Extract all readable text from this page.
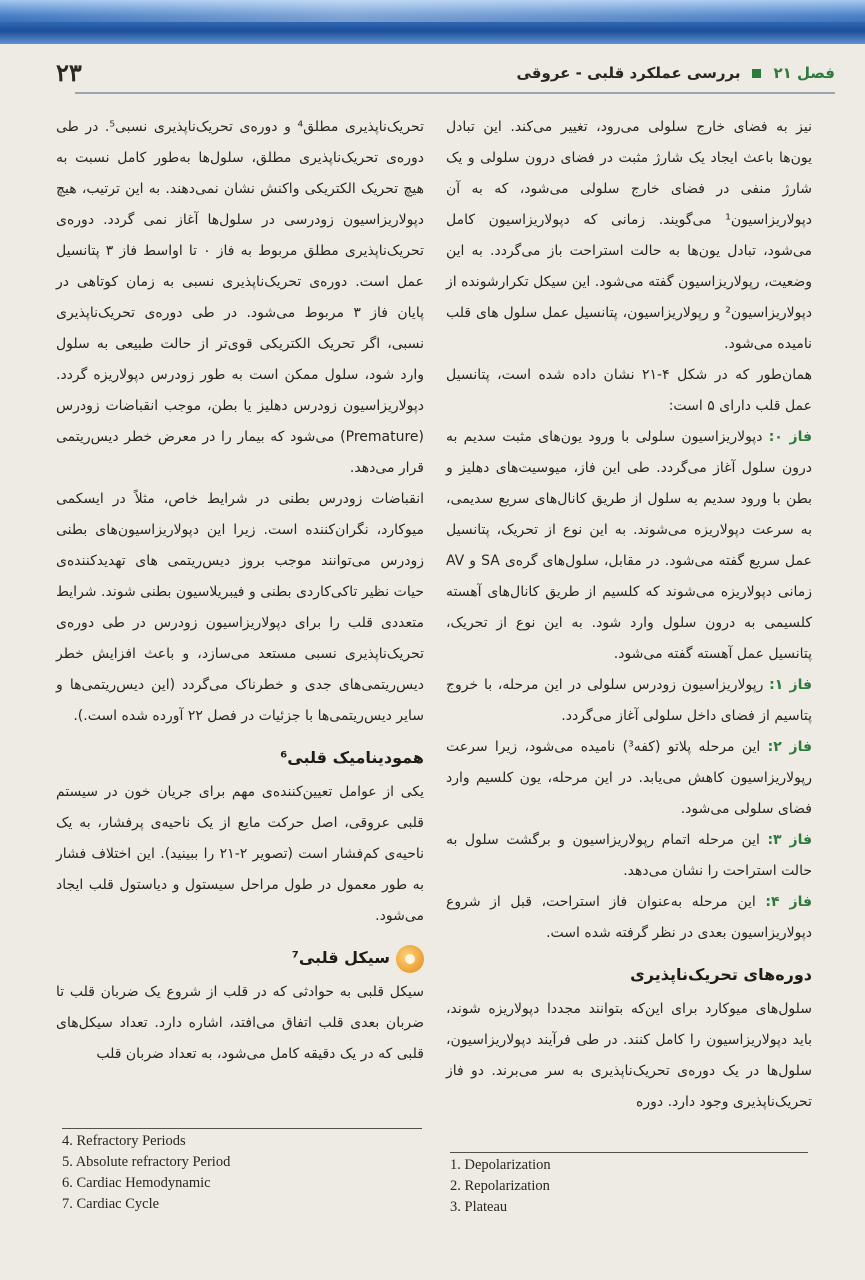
۲۳	فصل ۲۱بررسی عملکرد قلبی - عروقی

نیز به فضای خارج سلولی می‌رود، تغییر می‌کند. این تبادل یون‌ها باعث ایجاد یک شارژ مثبت در فضای درون سلولی و یک شارژ منفی در فضای خارج سلولی می‌شود، که به آن دپولاریزاسیون¹ می‌گویند. زمانی که دپولاریزاسیون کامل می‌شود، تبادل یون‌ها به حالت استراحت باز می‌گردد. به این وضعیت، رپولاریزاسیون گفته می‌شود. این سیکل تکرارشونده از دپولاریزاسیون² و رپولاریزاسیون، پتانسیل عمل سلول های قلب نامیده می‌شود.

همان‌طور که در شکل ۴-۲۱ نشان داده شده است، پتانسیل عمل قلب دارای ۵ است:

فاز ۰: دپولاریزاسیون سلولی با ورود یون‌های مثبت سدیم به درون سلول آغاز می‌گردد. طی این فاز، میوسیت‌های دهلیز و بطن با ورود سدیم به سلول از طریق کانال‌های سریع سدیمی، به سرعت دپولاریزه می‌شوند. به این نوع از تحریک، پتانسیل عمل سریع گفته می‌شود. در مقابل، سلول‌های گره‌ی SA و AV زمانی دپولاریزه می‌شوند که کلسیم از طریق کانال‌های آهسته کلسیمی به درون سلول وارد شود. به این نوع از تحریک، پتانسیل عمل آهسته گفته می‌شود.

فاز ۱: رپولاریزاسیون زودرس سلولی در این مرحله، با خروج پتاسیم از فضای داخل سلولی آغاز می‌گردد.

فاز ۲: این مرحله پلاتو (کفه³) نامیده می‌شود، زیرا سرعت رپولاریزاسیون کاهش می‌یابد. در این مرحله، یون کلسیم وارد فضای سلولی می‌شود.

فاز ۳: این مرحله اتمام رپولاریزاسیون و برگشت سلول به حالت استراحت را نشان می‌دهد.

فاز ۴: این مرحله به‌عنوان فاز استراحت، قبل از شروع دپولاریزاسیون بعدی در نظر گرفته شده است.

دوره‌های تحریک‌ناپذیری

سلول‌های میوکارد برای این‌که بتوانند مجددا دپولاریزه شوند، باید دپولاریزاسیون را کامل کنند. در طی فرآیند دپولاریزاسیون، سلول‌ها در یک دوره‌ی تحریک‌ناپذیری به سر می‌برند. دو فاز تحریک‌ناپذیری وجود دارد. دوره

تحریک‌ناپذیری مطلق⁴ و دوره‌ی تحریک‌ناپذیری نسبی⁵. در طی دوره‌ی تحریک‌ناپذیری مطلق، سلول‌ها به‌طور کامل نسبت به هیچ تحریک الکتریکی واکنش نشان نمی‌دهند. به این ترتیب، هیچ دپولاریزاسیون زودرسی در سلول‌ها آغاز نمی گردد. دوره‌ی تحریک‌ناپذیری مطلق مربوط به فاز ۰ تا اواسط فاز ۳ پتانسیل عمل است. دوره‌ی تحریک‌ناپذیری نسبی به زمان کوتاهی در پایان فاز ۳ مربوط می‌شود. در طی دوره‌ی تحریک‌ناپذیری نسبی، اگر تحریک الکتریکی قوی‌تر از حالت طبیعی به سلول وارد شود، سلول ممکن است به طور زودرس دپولاریزه گردد. دپولاریزاسیون زودرس دهلیز یا بطن، موجب انقباضات زودرس (Premature) می‌شود که بیمار را در معرض خطر دیس‌ریتمی قرار می‌دهد.

انقباضات زودرس بطنی در شرایط خاص، مثلاً در ایسکمی میوکارد، نگران‌کننده است. زیرا این دپولاریزاسیون‌های بطنی زودرس می‌توانند موجب بروز دیس‌ریتمی های تهدیدکننده‌ی حیات نظیر تاکی‌کاردی بطنی و فیبریلاسیون بطنی شوند. شرایط متعددی قلب را برای دپولاریزاسیون زودرس در طی دوره‌ی تحریک‌ناپذیری نسبی مستعد می‌سازد، و باعث افزایش خطر دیس‌ریتمی‌های جدی و خطرناک می‌گردد (این دیس‌ریتمی‌ها و سایر دیس‌ریتمی‌ها با جزئیات در فصل ۲۲ آورده شده است.).

همودینامیک قلبی⁶

یکی از عوامل تعیین‌کننده‌ی مهم برای جریان خون در سیستم قلبی عروقی، اصل حرکت مایع از یک ناحیه‌ی پرفشار، به یک ناحیه‌ی کم‌فشار است (تصویر ۲-۲۱ را ببینید). این اختلاف فشار به طور معمول در طول مراحل سیستول و دیاستول قلب ایجاد می‌شود.

سیکل قلبی⁷

سیکل قلبی به حوادثی که در قلب از شروع یک ضربان قلب تا ضربان بعدی قلب اتفاق می‌افتد، اشاره دارد. تعداد سیکل‌های قلبی که در یک دقیقه کامل می‌شود، به تعداد ضربان قلب

4. Refractory Periods
5. Absolute refractory Period
6. Cardiac Hemodynamic
7. Cardiac Cycle
1. Depolarization
2. Repolarization
3. Plateau
